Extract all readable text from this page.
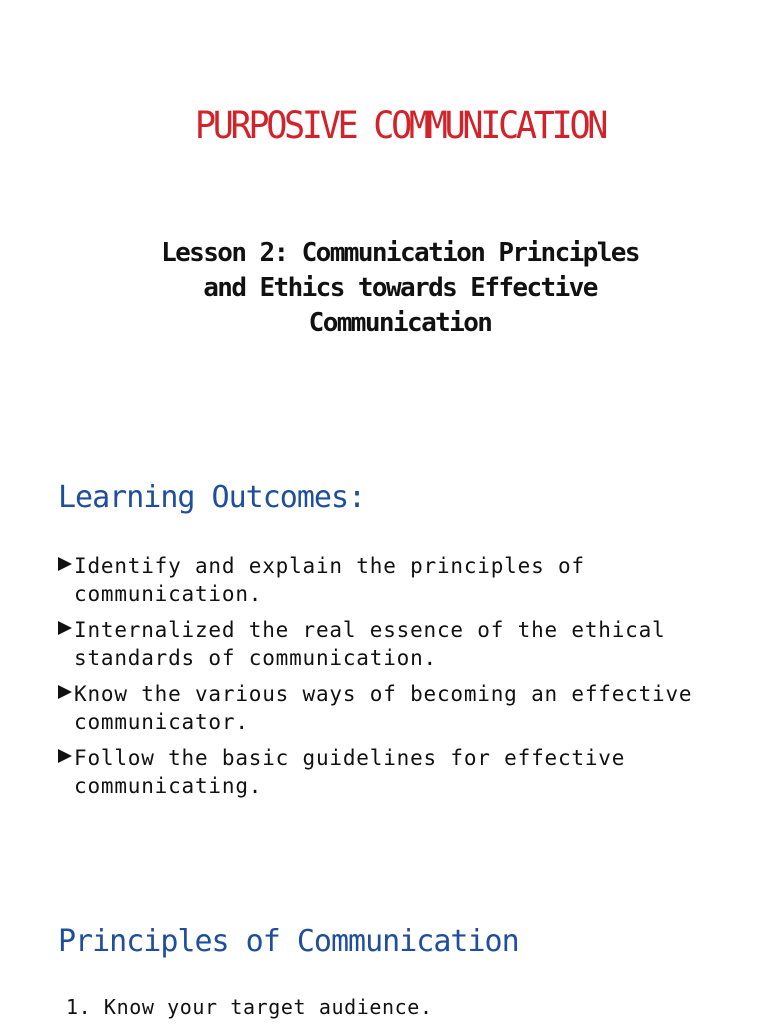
PURPOSIVE COMMUNICATION
Lesson 2: Communication Principles
and Ethics towards Effective
Communication
Learning Outcomes:
Identify and explain the principles of communication.
Internalized the real essence of the ethical standards of communication.
Know the various ways of becoming an effective communicator.
Follow the basic guidelines for effective communicating.
Principles of Communication
1. Know your target audience.
